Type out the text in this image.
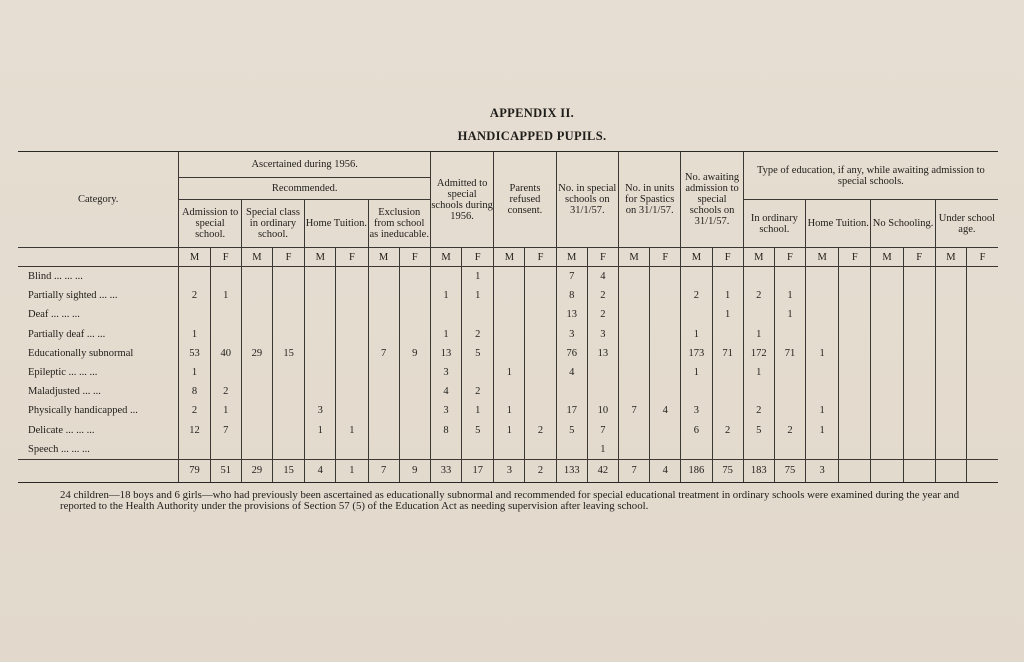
APPENDIX II.
HANDICAPPED PUPILS.
Category.	Ascertained during 1956.								Admitted to special schools during 1956.		Parents refused consent.		No. in special schools on 31/1/57.		No. in units for Spastics on 31/1/57.		No. awaiting admission to special schools on 31/1/57.		Type of education, if any, while awaiting admission to special schools.							
	Recommended.																									
	Admission to special school.		Special class in ordinary school.		Home Tuition.		Exclusion from school as ineducable.												In ordinary school.		Home Tuition.		No Schooling.		Under school age.	
	M	F	M	F	M	F	M	F	M	F	M	F	M	F	M	F	M	F	M	F	M	F	M	F	M	F
Blind ... ... ...										1			7	4												
Partially sighted ... ...	2	1							1	1			8	2			2	1	2	1						
Deaf ... ... ...													13	2				1		1						
Partially deaf ... ...	1								1	2			3	3			1		1							
Educationally subnormal	53	40	29	15			7	9	13	5			76	13			173	71	172	71	1					
Epileptic ... ... ...	1								3		1		4				1		1							
Maladjusted ... ...	8	2							4	2																
Physically handicapped ...	2	1			3				3	1	1		17	10	7	4	3		2		1					
Delicate ... ... ...	12	7			1	1			8	5	1	2	5	7			6	2	5	2	1					
Speech ... ... ...														1												
	79	51	29	15	4	1	7	9	33	17	3	2	133	42	7	4	186	75	183	75	3					
24 children—18 boys and 6 girls—who had previously been ascertained as educationally subnormal and recommended for special educational treatment in ordinary schools were examined during the year and reported to the Health Authority under the provisions of Section 57 (5) of the Education Act as needing supervision after leaving school.
